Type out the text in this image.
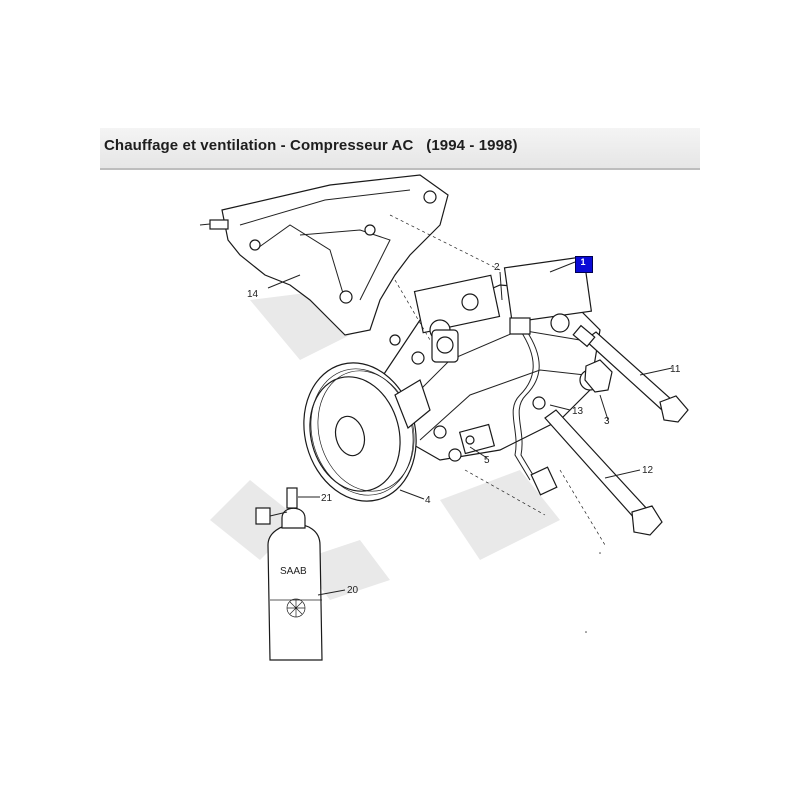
Chauffage et ventilation - Compresseur AC   (1994 - 1998)
SAAB
14
2
11
3
13
12
5
4
21
20
1
